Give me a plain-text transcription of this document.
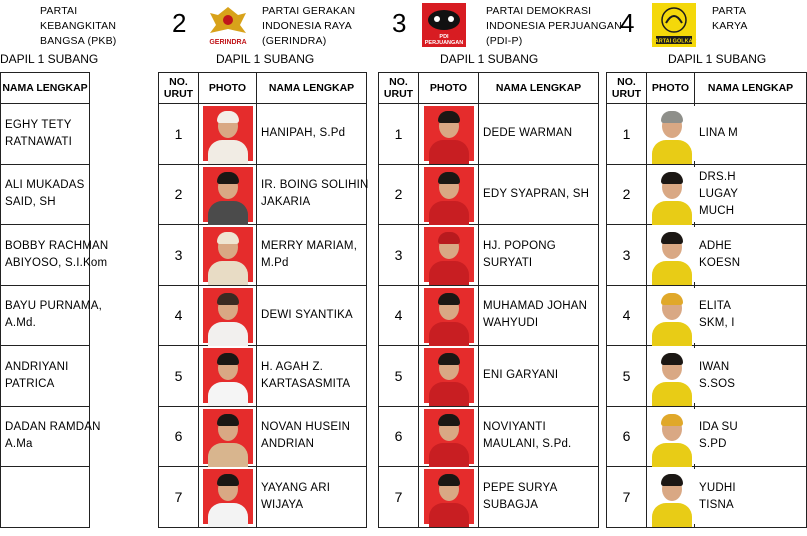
PARTAI
KEBANGKITAN
BANGSA (PKB)
DAPIL 1 SUBANG

		NAMA LENGKAP

EGHY TETY
RATNAWATI

ALI MUKADAS
SAID, SH

BOBBY RACHMAN
ABIYOSO, S.I.Kom

BAYU PURNAMA,
A.Md.

ANDRIYANI
PATRICA

DADAN RAMDAN
A.Ma

2
GERINDRA
PARTAI GERAKAN
INDONESIA RAYA
(GERINDRA)
DAPIL 1 SUBANG
NO.
URUT	PHOTO	NAMA LENGKAP
1		HANIPAH, S.Pd

2		IR. BOING SOLIHIN
JAKARIA

3		MERRY MARIAM,
M.Pd

4		DEWI SYANTIKA

5		H. AGAH Z.
KARTASASMITA

6		NOVAN HUSEIN
ANDRIAN

7		YAYANG ARI
WIJAYA
3	PDI
PERJUANGAN
PARTAI DEMOKRASI
INDONESIA PERJUANGAN
(PDI-P)
DAPIL 1 SUBANG
NO.
URUT	PHOTO	NAMA LENGKAP
1		DEDE WARMAN

2		EDY SYAPRAN, SH

3		HJ. POPONG
SURYATI

4		MUHAMAD JOHAN
WAHYUDI

5		ENI GARYANI

6		NOVIYANTI
MAULANI, S.Pd.

7		PEPE SURYA
SUBAGJA
4
PARTAI GOLKAR
PARTA
KARYA
DAPIL 1 SUBANG
NO.
URUT	PHOTO	NAMA LENGKAP
1		LINA M

2		DRS.H
LUGAY
MUCH

3		ADHE
KOESN

4		ELITA
SKM, I

5		IWAN
S.SOS

6		IDA SU
S.PD

7		YUDHI
TISNA
